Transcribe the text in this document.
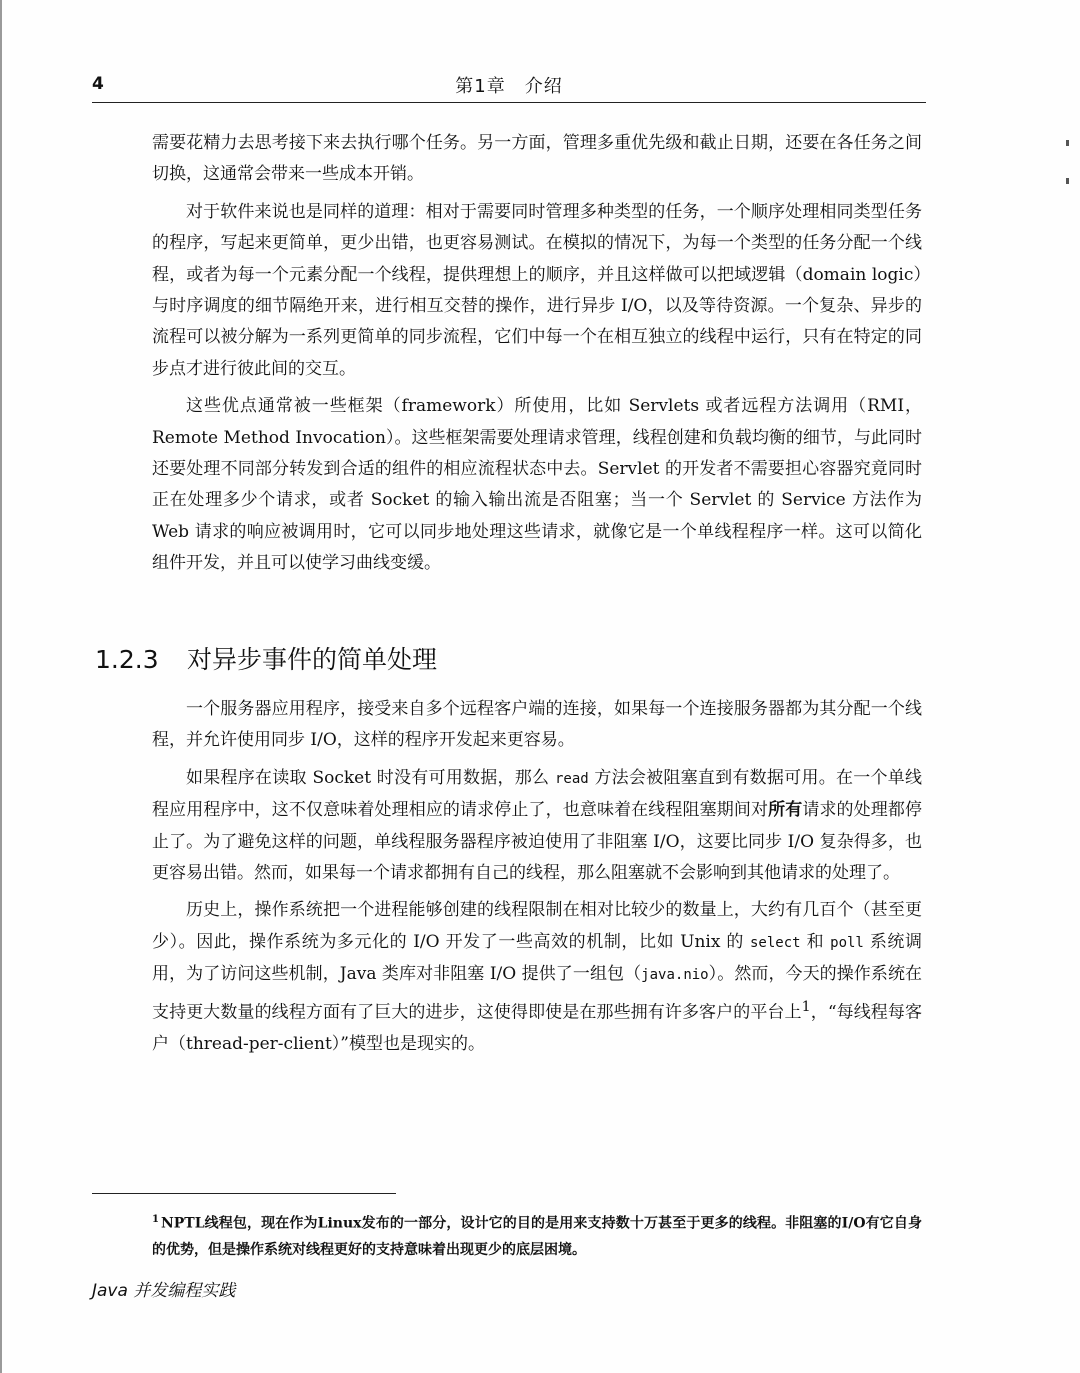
4	第1章　介绍

需要花精力去思考接下来去执行哪个任务。另一方面，管理多重优先级和截止日期，还要在各任务之间切换，这通常会带来一些成本开销。

对于软件来说也是同样的道理：相对于需要同时管理多种类型的任务，一个顺序处理相同类型任务的程序，写起来更简单，更少出错，也更容易测试。在模拟的情况下，为每一个类型的任务分配一个线程，或者为每一个元素分配一个线程，提供理想上的顺序，并且这样做可以把域逻辑（domain logic）与时序调度的细节隔绝开来，进行相互交替的操作，进行异步 I/O，以及等待资源。一个复杂、异步的流程可以被分解为一系列更简单的同步流程，它们中每一个在相互独立的线程中运行，只有在特定的同步点才进行彼此间的交互。

这些优点通常被一些框架（framework）所使用，比如 Servlets 或者远程方法调用（RMI，Remote Method Invocation）。这些框架需要处理请求管理，线程创建和负载均衡的细节，与此同时还要处理不同部分转发到合适的组件的相应流程状态中去。Servlet 的开发者不需要担心容器究竟同时正在处理多少个请求，或者 Socket 的输入输出流是否阻塞；当一个 Servlet 的 Service 方法作为 Web 请求的响应被调用时，它可以同步地处理这些请求，就像它是一个单线程程序一样。这可以简化组件开发，并且可以使学习曲线变缓。

1.2.3 对异步事件的简单处理

一个服务器应用程序，接受来自多个远程客户端的连接，如果每一个连接服务器都为其分配一个线程，并允许使用同步 I/O，这样的程序开发起来更容易。

如果程序在读取 Socket 时没有可用数据，那么 read 方法会被阻塞直到有数据可用。在一个单线程应用程序中，这不仅意味着处理相应的请求停止了，也意味着在线程阻塞期间对所有请求的处理都停止了。为了避免这样的问题，单线程服务器程序被迫使用了非阻塞 I/O，这要比同步 I/O 复杂得多，也更容易出错。然而，如果每一个请求都拥有自己的线程，那么阻塞就不会影响到其他请求的处理了。

历史上，操作系统把一个进程能够创建的线程限制在相对比较少的数量上，大约有几百个（甚至更少）。因此，操作系统为多元化的 I/O 开发了一些高效的机制，比如 Unix 的 select 和 poll 系统调用，为了访问这些机制，Java 类库对非阻塞 I/O 提供了一组包（java.nio）。然而，今天的操作系统在支持更大数量的线程方面有了巨大的进步，这使得即使是在那些拥有许多客户的平台上$^1$，“每线程每客户（thread-per-client）”模型也是现实的。

$^1$ NPTL线程包，现在作为Linux发布的一部分，设计它的目的是用来支持数十万甚至于更多的线程。非阻塞的I/O有它自身的优势，但是操作系统对线程更好的支持意味着出现更少的底层困境。
Java 并发编程实践
